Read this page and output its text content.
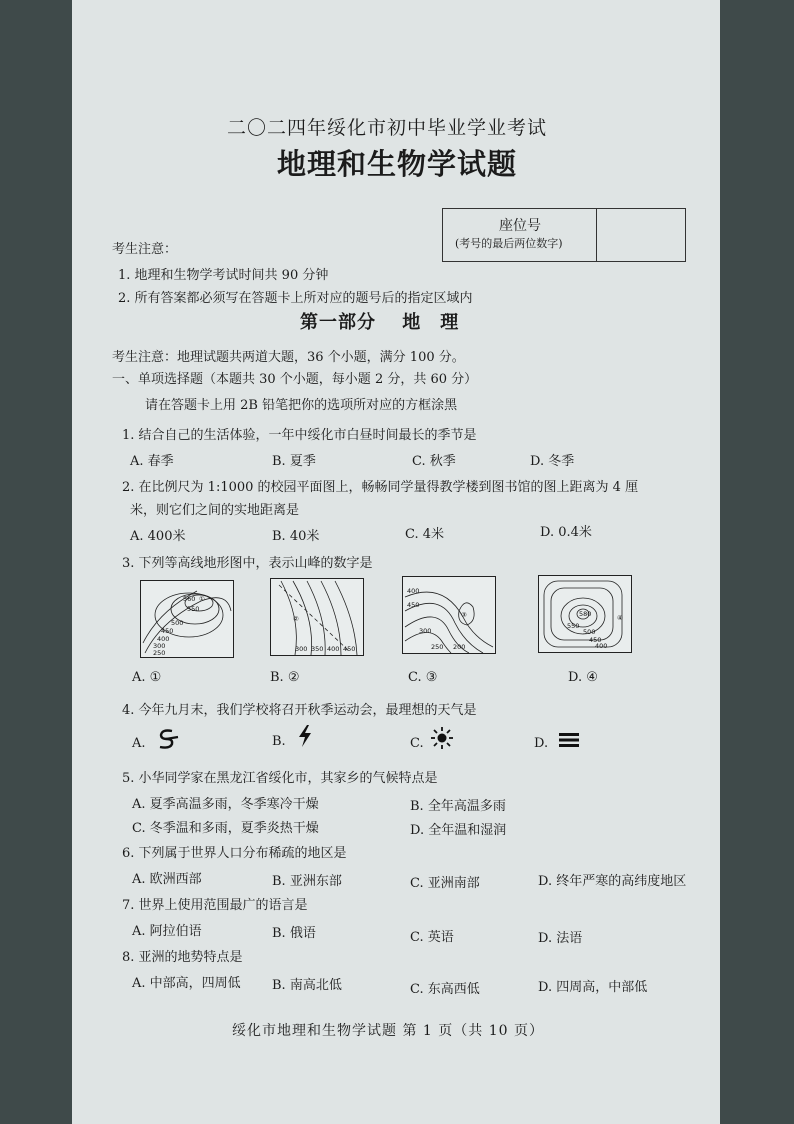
二〇二四年绥化市初中毕业学业考试
地理和生物学试题
座位号
(考号的最后两位数字)
考生注意：
1. 地理和生物学考试时间共 90 分钟
2. 所有答案都必须写在答题卡上所对应的题号后的指定区域内
第一部分　 地　理
考生注意：地理试题共两道大题，36 个小题，满分 100 分。
一、单项选择题（本题共 30 个小题，每小题 2 分，共 60 分）
请在答题卡上用 2B 铅笔把你的选项所对应的方框涂黑
1. 结合自己的生活体验，一年中绥化市白昼时间最长的季节是
A. 春季	B. 夏季	C. 秋季	D. 冬季
2. 在比例尺为 1:1000 的校园平面图上，畅畅同学量得教学楼到图书馆的图上距离为 4 厘
米，则它们之间的实地距离是
A. 400米	B. 40米	C. 4米	D. 0.4米
3. 下列等高线地形图中，表示山峰的数字是
560 ①
550
500
450
400
300
250
②
300 350 400 450
400
450
③
300
250 200
580
550
500
450
400
④
A. ①	B. ②	C. ③	D. ④
4. 今年九月末，我们学校将召开秋季运动会，最理想的天气是
A.	B.	C.	D.
5. 小华同学家在黑龙江省绥化市，其家乡的气候特点是
A. 夏季高温多雨，冬季寒冷干燥	B. 全年高温多雨
C. 冬季温和多雨，夏季炎热干燥	D. 全年温和湿润
6. 下列属于世界人口分布稀疏的地区是
A. 欧洲西部	B. 亚洲东部	C. 亚洲南部	D. 终年严寒的高纬度地区
7. 世界上使用范围最广的语言是
A. 阿拉伯语	B. 俄语	C. 英语	D. 法语
8. 亚洲的地势特点是
A. 中部高，四周低 B. 南高北低	C. 东高西低	D. 四周高，中部低
绥化市地理和生物学试题 第 1 页（共 10 页）
